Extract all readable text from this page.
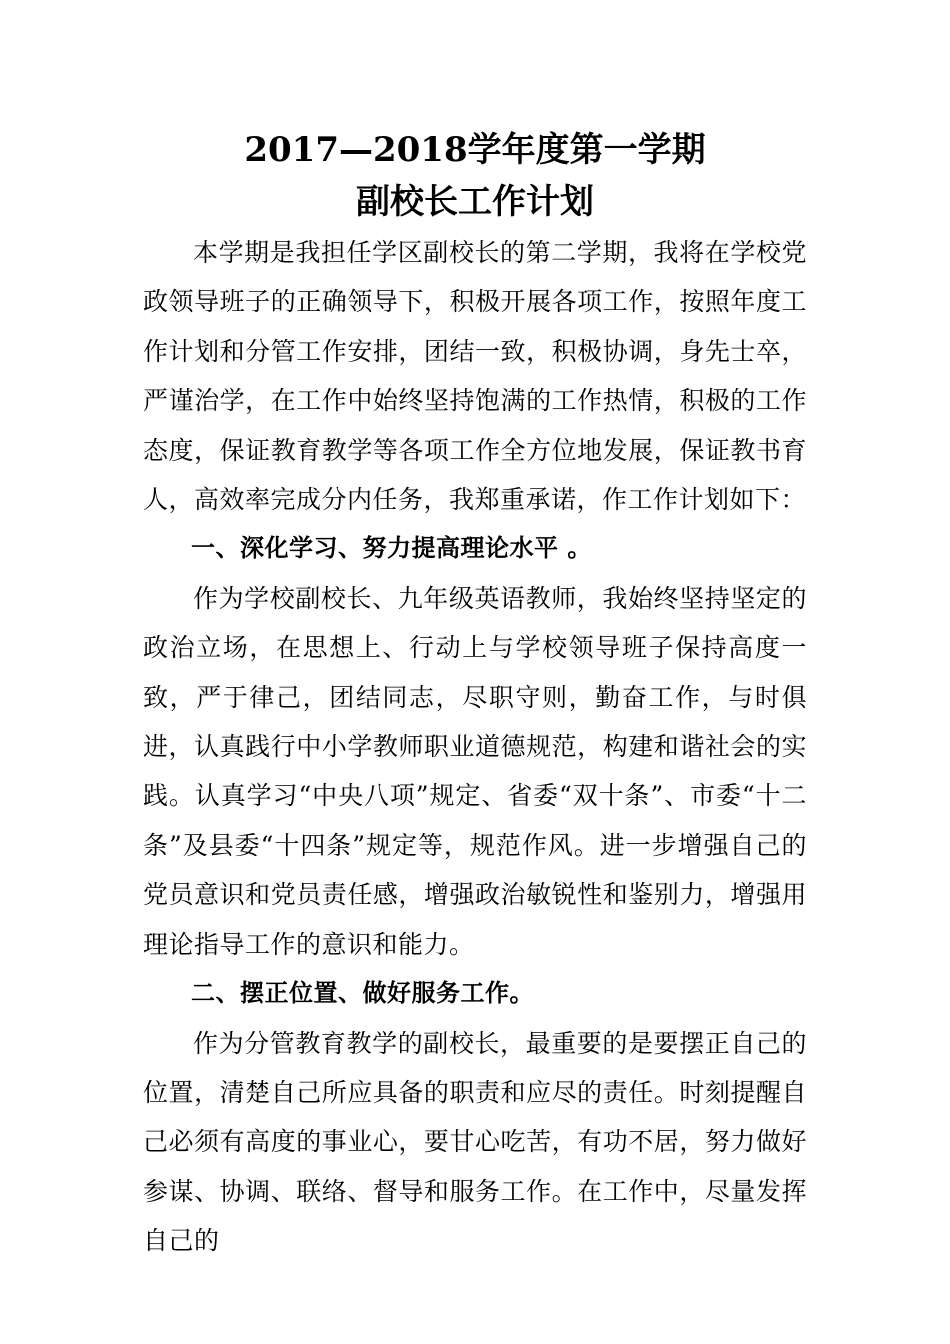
2017—2018学年度第一学期
副校长工作计划

本学期是我担任学区副校长的第二学期，我将在学校党政领导班子的正确领导下，积极开展各项工作，按照年度工作计划和分管工作安排，团结一致，积极协调，身先士卒，严谨治学，在工作中始终坚持饱满的工作热情，积极的工作态度，保证教育教学等各项工作全方位地发展，保证教书育人，高效率完成分内任务，我郑重承诺，作工作计划如下：

一、深化学习、努力提高理论水平 。

作为学校副校长、九年级英语教师，我始终坚持坚定的政治立场，在思想上、行动上与学校领导班子保持高度一致，严于律己，团结同志，尽职守则，勤奋工作，与时俱进，认真践行中小学教师职业道德规范，构建和谐社会的实践。认真学习“中央八项”规定、省委“双十条”、市委“十二条”及县委“十四条”规定等，规范作风。进一步增强自己的党员意识和党员责任感，增强政治敏锐性和鉴别力，增强用理论指导工作的意识和能力。

二、摆正位置、做好服务工作。

作为分管教育教学的副校长，最重要的是要摆正自己的位置，清楚自己所应具备的职责和应尽的责任。时刻提醒自己必须有高度的事业心，要甘心吃苦，有功不居，努力做好参谋、协调、联络、督导和服务工作。在工作中，尽量发挥自己的
